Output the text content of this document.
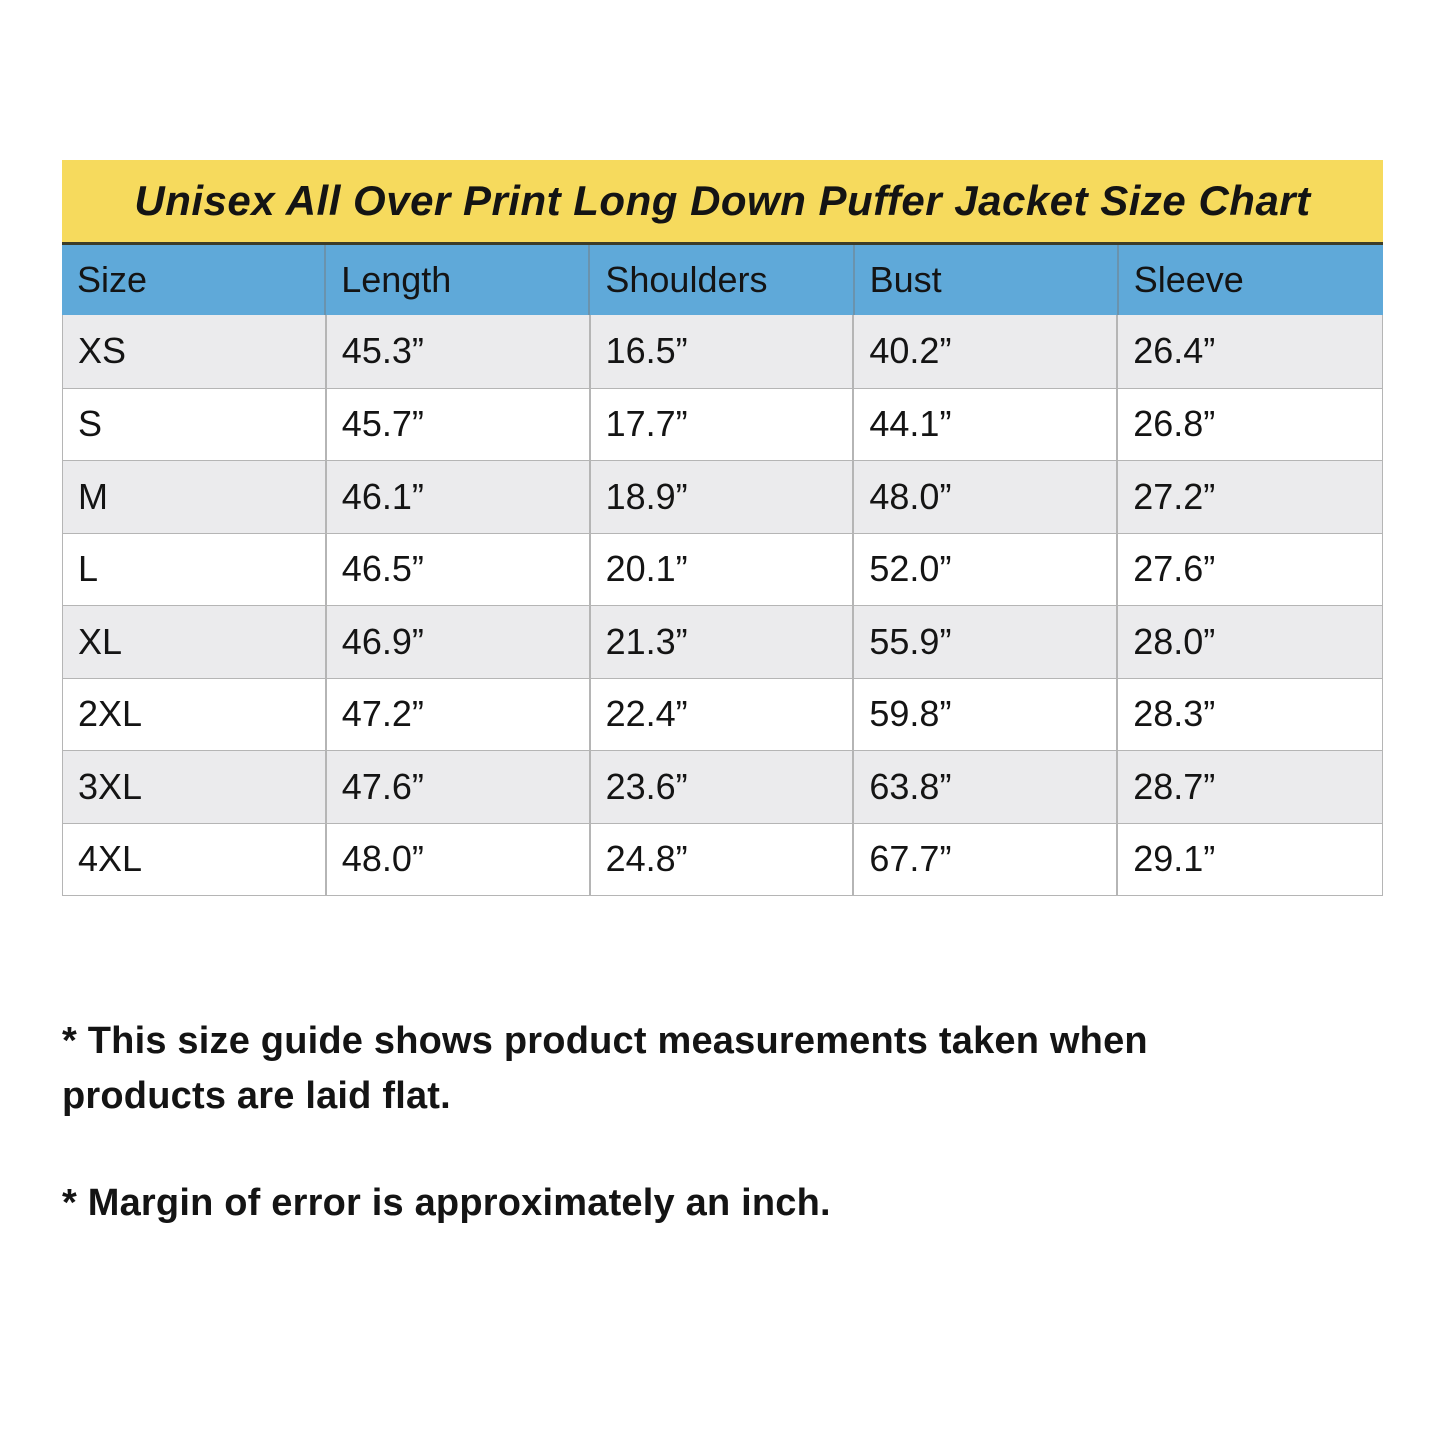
Unisex All Over Print Long Down Puffer Jacket Size Chart
Size	Length	Shoulders	Bust	Sleeve
XS	45.3”	16.5”	40.2”	26.4”
S	45.7”	17.7”	44.1”	26.8”
M	46.1”	18.9”	48.0”	27.2”
L	46.5”	20.1”	52.0”	27.6”
XL	46.9”	21.3”	55.9”	28.0”
2XL	47.2”	22.4”	59.8”	28.3”
3XL	47.6”	23.6”	63.8”	28.7”
4XL	48.0”	24.8”	67.7”	29.1”

* This size guide shows product measurements taken when products are laid flat.

* Margin of error is approximately an inch.
